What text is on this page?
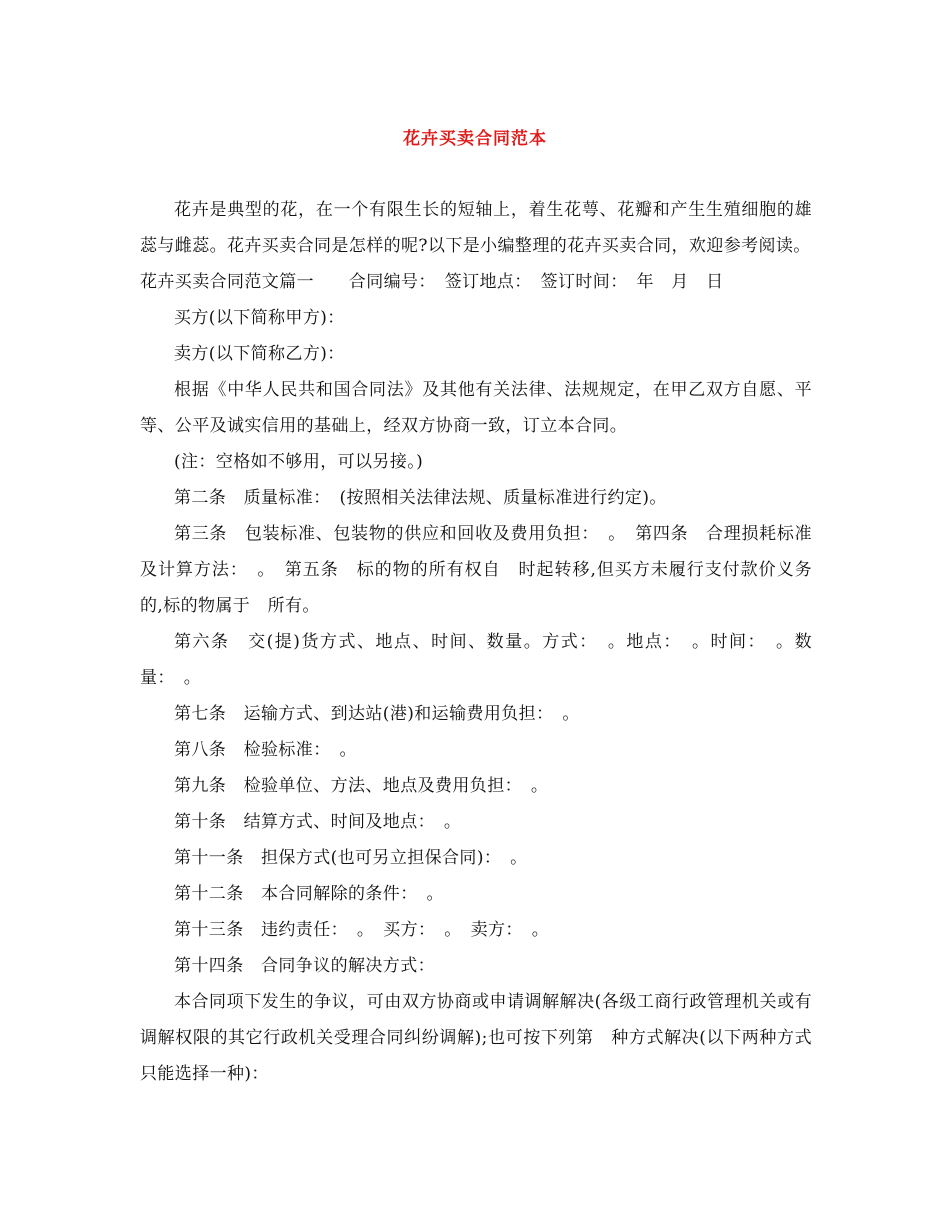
花卉买卖合同范本

花卉是典型的花，在一个有限生长的短轴上，着生花萼、花瓣和产生生殖细胞的雄蕊与雌蕊。花卉买卖合同是怎样的呢?以下是小编整理的花卉买卖合同，欢迎参考阅读。

花卉买卖合同范文篇一　　合同编号：　签订地点：　签订时间：　年　月　日

买方(以下简称甲方)：

卖方(以下简称乙方)：

根据《中华人民共和国合同法》及其他有关法律、法规规定，在甲乙双方自愿、平等、公平及诚实信用的基础上，经双方协商一致，订立本合同。

(注：空格如不够用，可以另接。)

第二条　质量标准：　(按照相关法律法规、质量标准进行约定)。

第三条　包装标准、包装物的供应和回收及费用负担：　。　第四条　合理损耗标准及计算方法：　。　第五条　标的物的所有权自　时起转移,但买方未履行支付款价义务的,标的物属于　所有。

第六条　交(提)货方式、地点、时间、数量。方式：　。地点：　。时间：　。数量：　。

第七条　运输方式、到达站(港)和运输费用负担：　。

第八条　检验标准：　。

第九条　检验单位、方法、地点及费用负担：　。

第十条　结算方式、时间及地点：　。

第十一条　担保方式(也可另立担保合同)：　。

第十二条　本合同解除的条件：　。

第十三条　违约责任：　。　买方：　。　卖方：　。

第十四条　合同争议的解决方式：

本合同项下发生的争议，可由双方协商或申请调解解决(各级工商行政管理机关或有调解权限的其它行政机关受理合同纠纷调解);也可按下列第　种方式解决(以下两种方式只能选择一种)：
